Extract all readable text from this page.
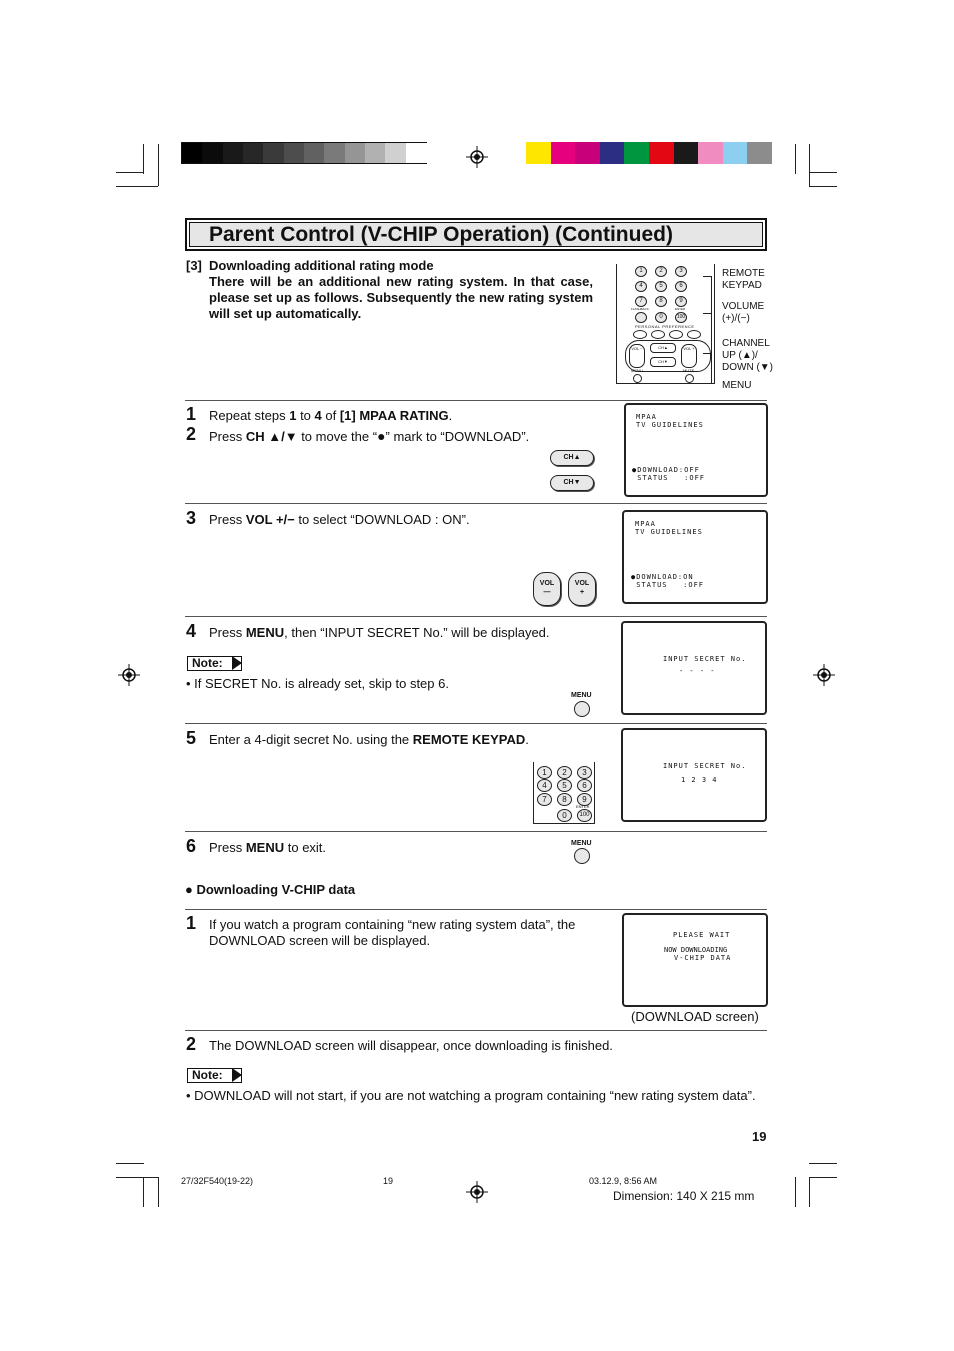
Parent Control (V-CHIP Operation) (Continued)
[3] Downloading additional rating mode
There will be an additional new rating system. In that case, please set up as follows. Subsequently the new rating system will set up automatically.
1	2	3
4	5	6
7	8	9
FLASHBACK	ENTER
0	100
PERSONAL PREFERENCE
VOL −	VOL +
CH▲
CH▼
MENU	MUTE
REMOTE KEYPAD
VOLUME
(+)/(−)
CHANNEL
UP (▲)/
DOWN (▼)
MENU
1 Repeat steps 1 to 4 of [1] MPAA RATING.
2 Press CH ▲/▼ to move the “●” mark to “DOWNLOAD”.
CH▲
CH▼
MPAA
TV GUIDELINES
●DOWNLOAD:OFF
STATUS   :OFF
3 Press VOL +/− to select “DOWNLOAD : ON”.
VOL
—
VOL
+
MPAA
TV GUIDELINES
●DOWNLOAD:ON
STATUS   :OFF
4 Press MENU, then “INPUT SECRET No.” will be displayed.
Note:
• If SECRET No. is already set, skip to step 6.
MENU
INPUT SECRET No.
- - - -
5 Enter a 4-digit secret No. using the REMOTE KEYPAD.
1	2	3
4	5	6
7	8	9
ENTER
0	100
INPUT SECRET No.
1 2 3 4
6 Press MENU to exit.	MENU
● Downloading V-CHIP data
1 If you watch a program containing “new rating system data”, the DOWNLOAD screen will be displayed.	PLEASE WAIT
NOW DOWNLOADING
V-CHIP DATA
(DOWNLOAD screen)
2 The DOWNLOAD screen will disappear, once downloading is finished.
Note:
• DOWNLOAD will not start, if you are not watching a program containing “new rating system data”.
19
27/32F540(19-22)	19	03.12.9, 8:56 AM
Dimension: 140 X 215 mm
